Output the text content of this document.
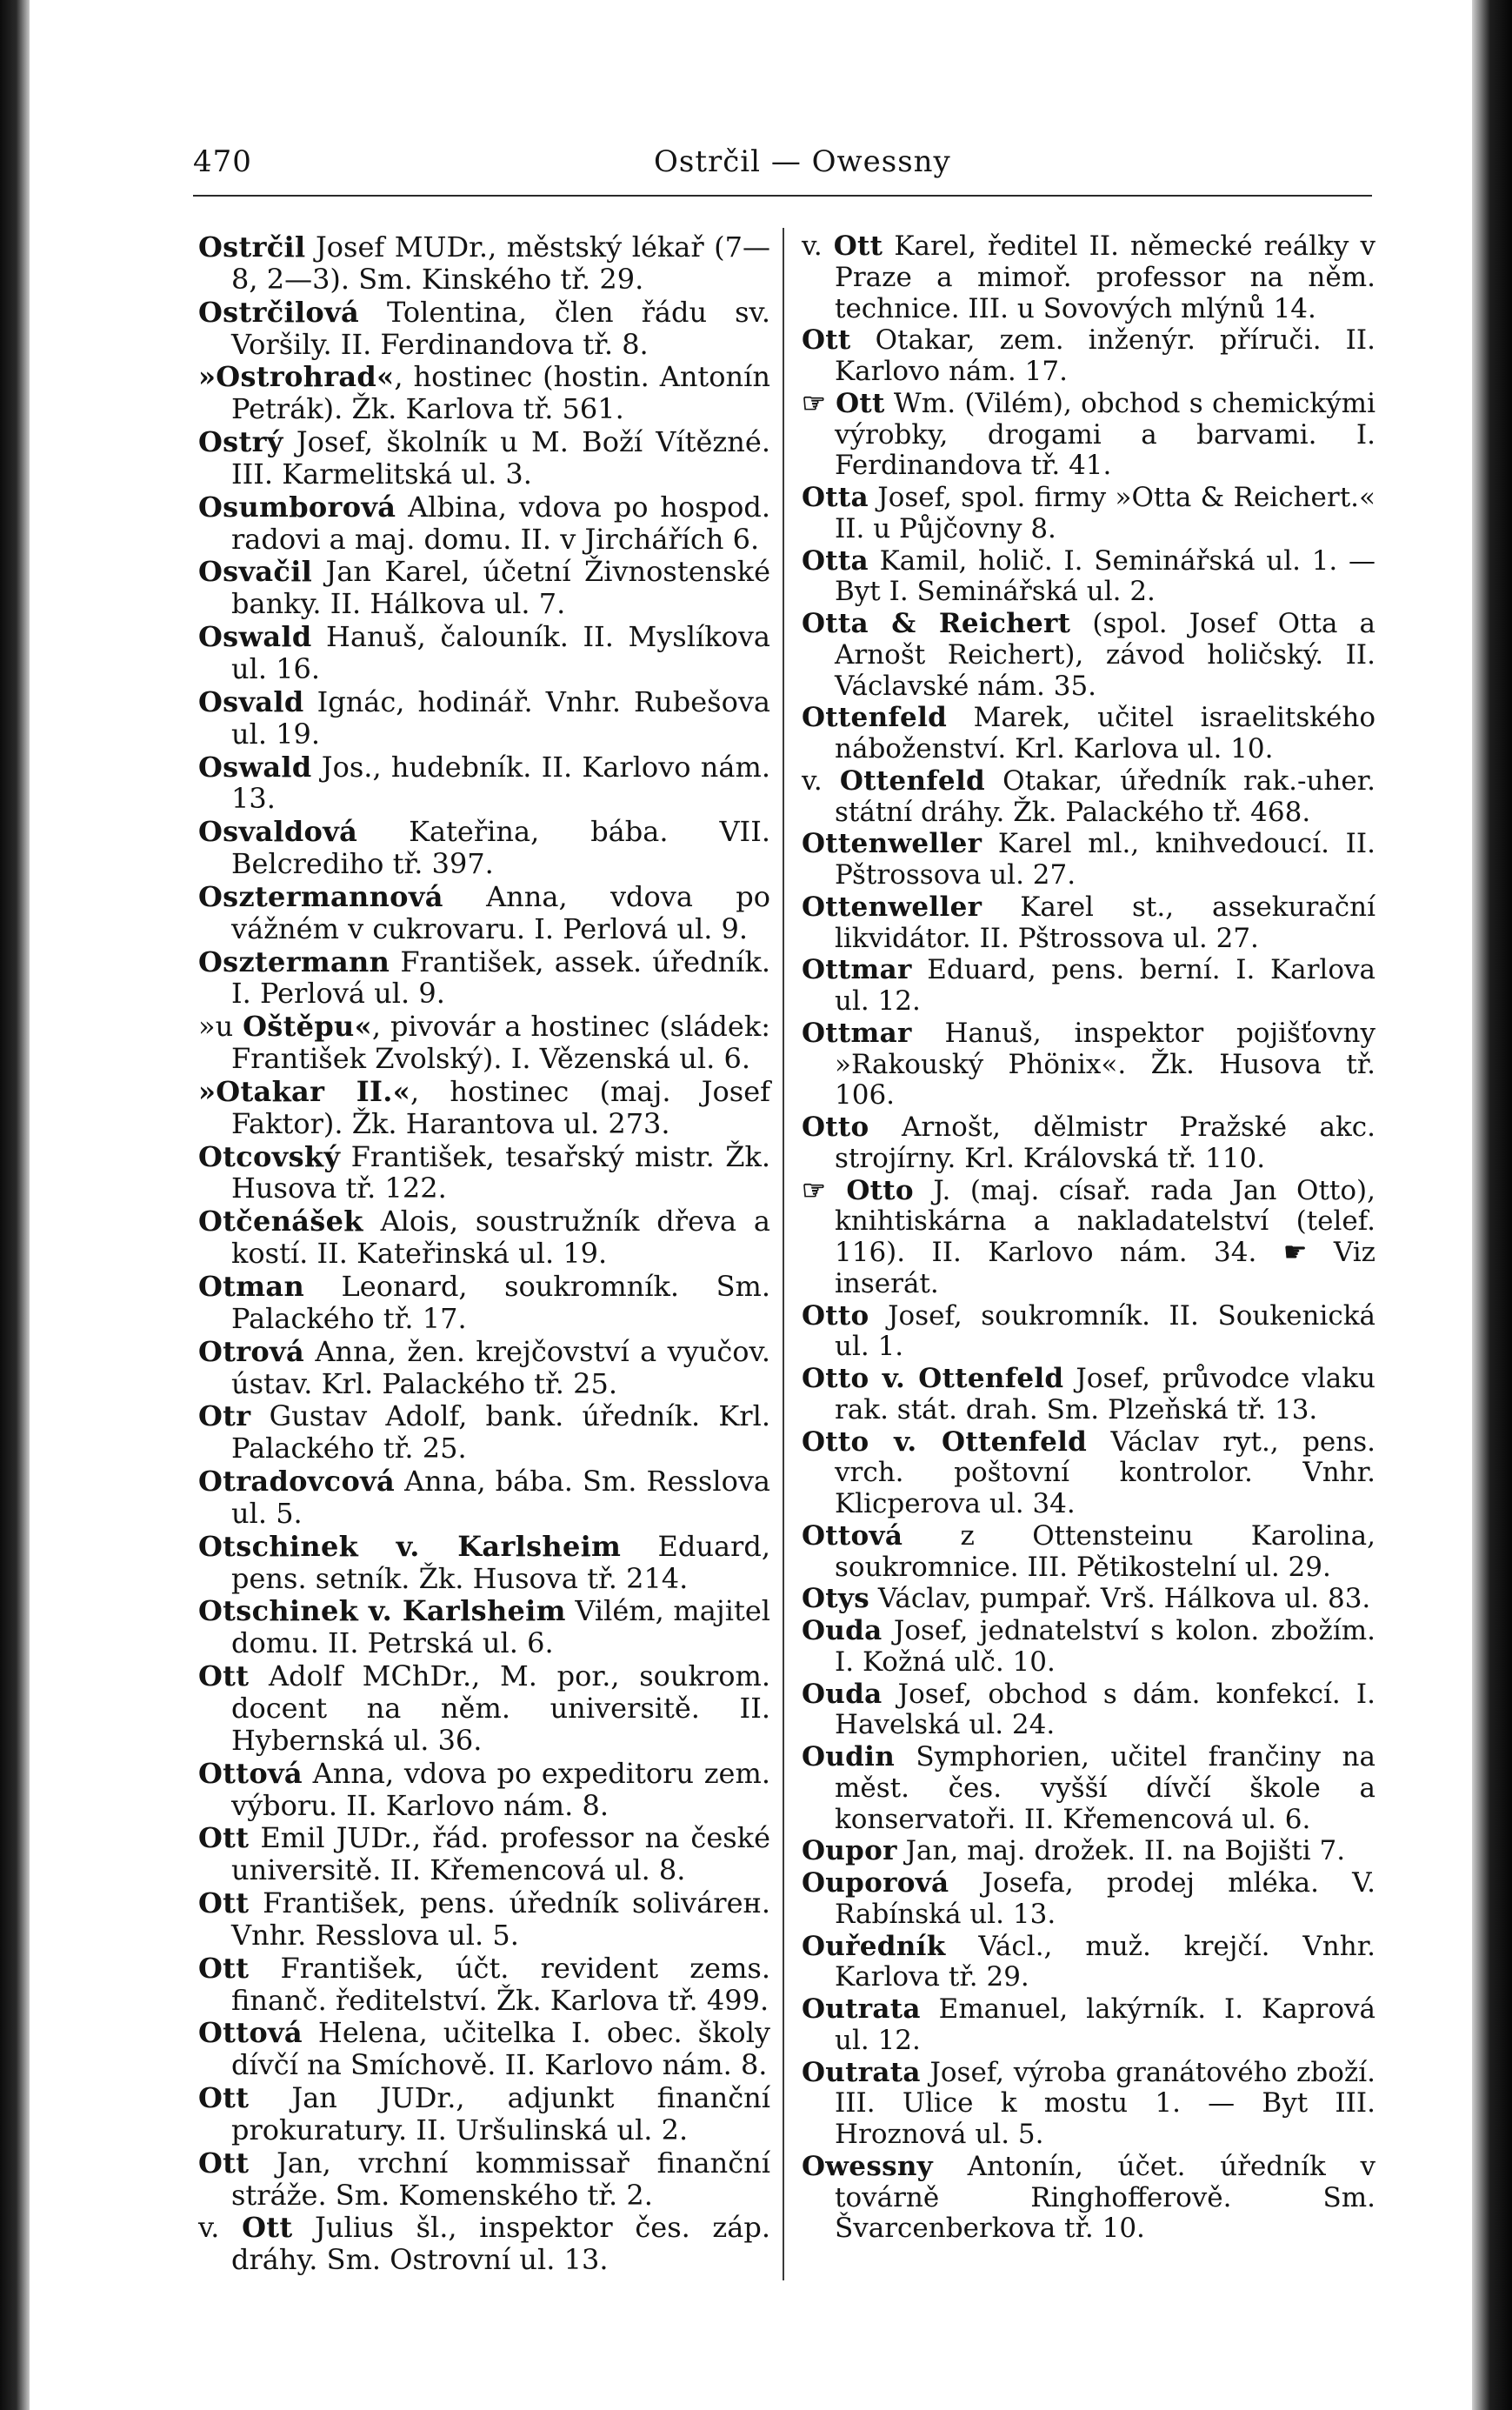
470	Ostrčil — Owessny

Ostrčil Josef MUDr., městský lékař (7—8, 2—3). Sm. Kinského tř. 29.

Ostrčilová Tolentina, člen řádu sv. Voršily. II. Ferdinandova tř. 8.

»Ostrohrad«, hostinec (hostin. Antonín Petrák). Žk. Karlova tř. 561.

Ostrý Josef, školník u M. Boží Vítězné. III. Karmelitská ul. 3.

Osumborová Albina, vdova po hospod. radovi a maj. domu. II. v Jirchářích 6.

Osvačil Jan Karel, účetní Živnostenské banky. II. Hálkova ul. 7.

Oswald Hanuš, čalouník. II. Myslíkova ul. 16.

Osvald Ignác, hodinář. Vnhr. Rubešova ul. 19.

Oswald Jos., hudebník. II. Karlovo nám. 13.

Osvaldová Kateřina, bába. VII. Belcrediho tř. 397.

Osztermannová Anna, vdova po vážném v cukrovaru. I. Perlová ul. 9.

Osztermann František, assek. úředník. I. Perlová ul. 9.

»u Oštěpu«, pivovár a hostinec (sládek: František Zvolský). I. Vězenská ul. 6.

»Otakar II.«, hostinec (maj. Josef Faktor). Žk. Harantova ul. 273.

Otcovský František, tesařský mistr. Žk. Husova tř. 122.

Otčenášek Alois, soustružník dřeva a kostí. II. Kateřinská ul. 19.

Otman Leonard, soukromník. Sm. Palackého tř. 17.

Otrová Anna, žen. krejčovství a vyučov. ústav. Krl. Palackého tř. 25.

Otr Gustav Adolf, bank. úředník. Krl. Palackého tř. 25.

Otradovcová Anna, bába. Sm. Resslova ul. 5.

Otschinek v. Karlsheim Eduard, pens. setník. Žk. Husova tř. 214.

Otschinek v. Karlsheim Vilém, majitel domu. II. Petrská ul. 6.

Ott Adolf MChDr., M. por., soukrom. docent na něm. universitě. II. Hybernská ul. 36.

Ottová Anna, vdova po expeditoru zem. výboru. II. Karlovo nám. 8.

Ott Emil JUDr., řád. professor na české universitě. II. Křemencová ul. 8.

Ott František, pens. úředník solivárен. Vnhr. Resslova ul. 5.

Ott František, účt. revident zems. finanč. ředitelství. Žk. Karlova tř. 499.

Ottová Helena, učitelka I. obec. školy dívčí na Smíchově. II. Karlovo nám. 8.

Ott Jan JUDr., adjunkt finanční prokuratury. II. Uršulinská ul. 2.

Ott Jan, vrchní kommissař finanční stráže. Sm. Komenského tř. 2.

v. Ott Julius šl., inspektor čes. záp. dráhy. Sm. Ostrovní ul. 13.

v. Ott Karel, ředitel II. německé reálky v Praze a mimoř. professor na něm. technice. III. u Sovových mlýnů 14.

Ott Otakar, zem. inženýr. příruči. II. Karlovo nám. 17.

☞ Ott Wm. (Vilém), obchod s chemickými výrobky, drogami a barvami. I. Ferdinandova tř. 41.

Otta Josef, spol. firmy »Otta & Reichert.« II. u Půjčovny 8.

Otta Kamil, holič. I. Seminářská ul. 1. — Byt I. Seminářská ul. 2.

Otta & Reichert (spol. Josef Otta a Arnošt Reichert), závod holičský. II. Václavské nám. 35.

Ottenfeld Marek, učitel israelitského náboženství. Krl. Karlova ul. 10.

v. Ottenfeld Otakar, úředník rak.-uher. státní dráhy. Žk. Palackého tř. 468.

Ottenweller Karel ml., knihvedoucí. II. Pštrossova ul. 27.

Ottenweller Karel st., assekurační likvidátor. II. Pštrossova ul. 27.

Ottmar Eduard, pens. berní. I. Karlova ul. 12.

Ottmar Hanuš, inspektor pojišťovny »Rakouský Phönix«. Žk. Husova tř. 106.

Otto Arnošt, dělmistr Pražské akc. strojírny. Krl. Královská tř. 110.

☞ Otto J. (maj. císař. rada Jan Otto), knihtiskárna a nakladatelství (telef. 116). II. Karlovo nám. 34. ☛ Viz inserát.

Otto Josef, soukromník. II. Soukenická ul. 1.

Otto v. Ottenfeld Josef, průvodce vlaku rak. stát. drah. Sm. Plzeňská tř. 13.

Otto v. Ottenfeld Václav ryt., pens. vrch. poštovní kontrolor. Vnhr. Klicperova ul. 34.

Ottová z Ottensteinu Karolina, soukromnice. III. Pětikostelní ul. 29.

Otys Václav, pumpař. Vrš. Hálkova ul. 83.

Ouda Josef, jednatelství s kolon. zbožím. I. Kožná ulč. 10.

Ouda Josef, obchod s dám. konfekcí. I. Havelská ul. 24.

Oudin Symphorien, učitel frančiny na měst. čes. vyšší dívčí škole a konservatoři. II. Křemencová ul. 6.

Oupor Jan, maj. drožek. II. na Bojišti 7.

Ouporová Josefa, prodej mléka. V. Rabínská ul. 13.

Ouředník Václ., muž. krejčí. Vnhr. Karlova tř. 29.

Outrata Emanuel, lakýrník. I. Kaprová ul. 12.

Outrata Josef, výroba granátového zboží. III. Ulice k mostu 1. — Byt III. Hroznová ul. 5.

Owessny Antonín, účet. úředník v továrně Ringhofferově. Sm. Švarcenberkova tř. 10.
